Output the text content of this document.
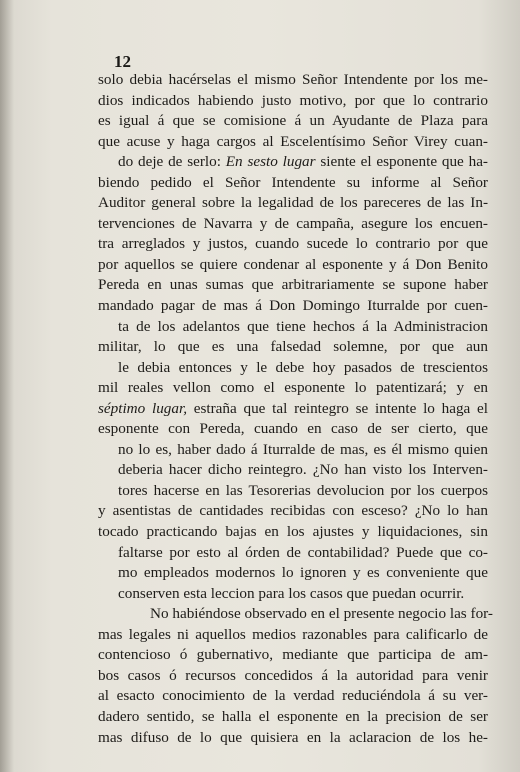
12
solo debia hacérselas el mismo Señor Intendente por los me-
dios indicados habiendo justo motivo, por que lo contrario
es igual á que se comisione á un Ayudante de Plaza para
que acuse y haga cargos al Escelentísimo Señor Virey cuan-
do deje de serlo: En sesto lugar siente el esponente que ha-
biendo pedido el Señor Intendente su informe al Señor
Auditor general sobre la legalidad de los pareceres de las In-
tervenciones de Navarra y de campaña, asegure los encuen-
tra arreglados y justos, cuando sucede lo contrario por que
por aquellos se quiere condenar al esponente y á Don Benito
Pereda en unas sumas que arbitrariamente se supone haber
mandado pagar de mas á Don Domingo Iturralde por cuen-
ta de los adelantos que tiene hechos á la Administracion
militar, lo que es una falsedad solemne, por que aun
le debia entonces y le debe hoy pasados de trescientos
mil reales vellon como el esponente lo patentizará; y en
séptimo lugar, estraña que tal reintegro se intente lo haga el
esponente con Pereda, cuando en caso de ser cierto, que
no lo es, haber dado á Iturralde de mas, es él mismo quien
deberia hacer dicho reintegro. ¿No han visto los Interven-
tores hacerse en las Tesorerias devolucion por los cuerpos
y asentistas de cantidades recibidas con esceso? ¿No lo han
tocado practicando bajas en los ajustes y liquidaciones, sin
faltarse por esto al órden de contabilidad? Puede que co-
mo empleados modernos lo ignoren y es conveniente que
conserven esta leccion para los casos que puedan ocurrir.
No habiéndose observado en el presente negocio las for-
mas legales ni aquellos medios razonables para calificarlo de
contencioso ó gubernativo, mediante que participa de am-
bos casos ó recursos concedidos á la autoridad para venir
al esacto conocimiento de la verdad reduciéndola á su ver-
dadero sentido, se halla el esponente en la precision de ser
mas difuso de lo que quisiera en la aclaracion de los he-
